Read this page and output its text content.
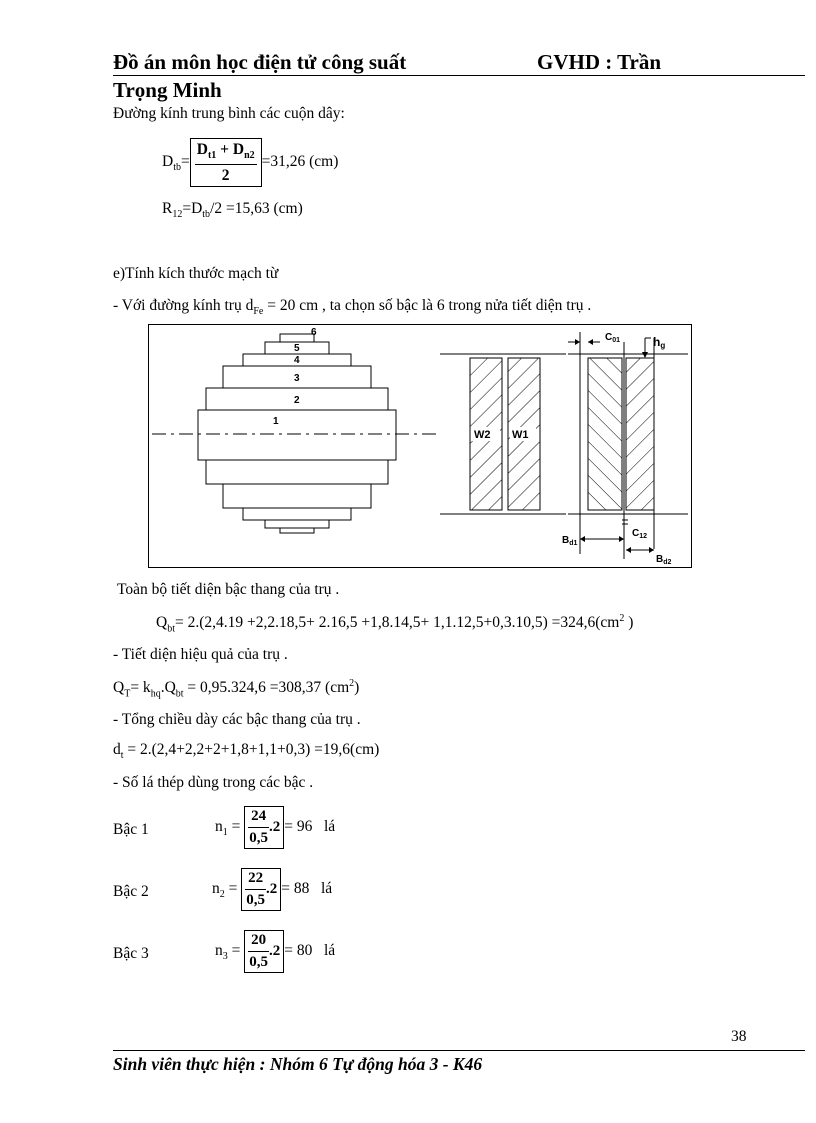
Đồ án môn học điện tử công suất	GVHD : Trần
Trọng Minh
Đường kính trung bình các cuộn dây:
$D_{tb}= \frac{D_{t1} + D_{n2}}{2} =31,26$ (cm)
$R_{12}=D_{tb}/2 =15,63$ (cm)
e)Tính kích thước mạch từ
- Với đường kính trụ $d_{Fe} = 20$ cm , ta chọn số bậc là 6 trong nửa tiết diện trụ .
6
5
4
3
2
1
W2 W1
$C_{01}$	hg
$C_{12}$
$B_{d1}$
$B_{d2}$
Toàn bộ tiết diện bậc thang của trụ .
$Q_{bt}= 2.(2,4.19 +2,2.18,5+ 2.16,5 +1,8.14,5+ 1,1.12,5+0,3.10,5) =324,6(cm^2$ )
- Tiết diện hiệu quả của trụ .
$Q_T= k_{hq}.Q_{bt} = 0,95.324,6 =308,37$ $(cm^2)$
- Tổng chiều dày các bậc thang của trụ .
$d_t = 2.(2,4+2,2+2+1,8+1,1+0,3) =19,6(cm)$
- Số lá thép dùng trong các bậc .
Bậc 1	$n_1 = \frac{24}{0,5} .2 = 96$ lá
Bậc 2	$n_2 = \frac{22}{0,5} .2 = 88$ lá
Bậc 3	$n_3 = \frac{20}{0,5} .2 = 80$ lá
38
Sinh viên thực hiện : Nhóm 6 Tự động hóa 3 - K46
